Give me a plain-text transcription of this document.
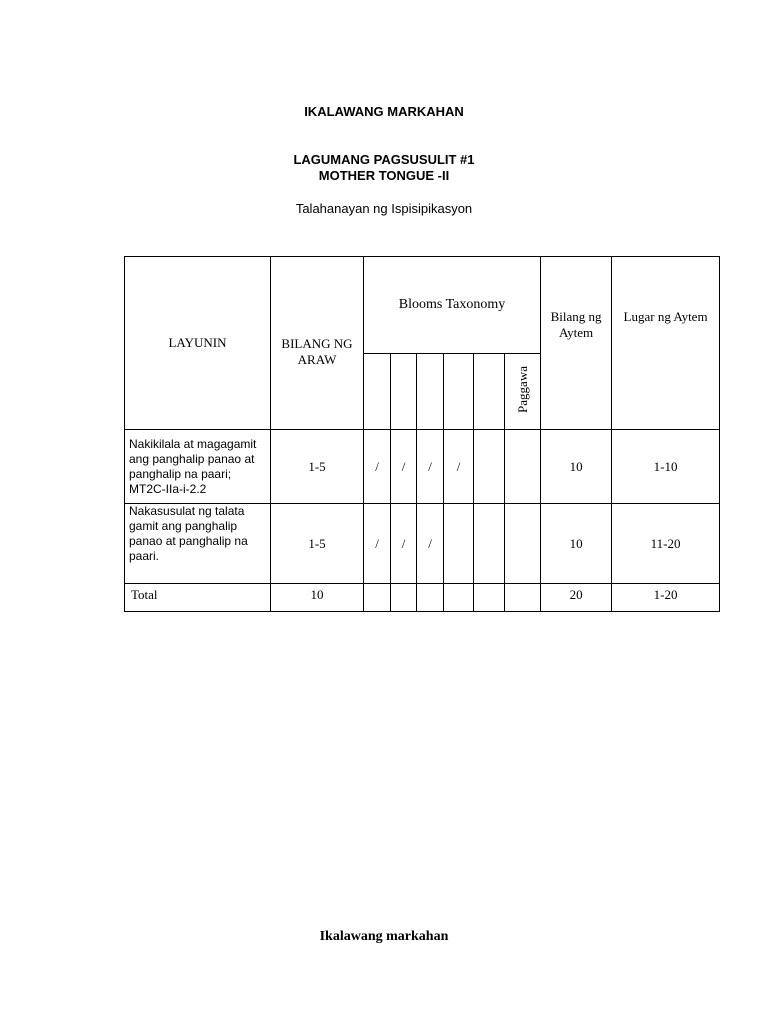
IKALAWANG MARKAHAN
LAGUMANG PAGSUSULIT #1
MOTHER TONGUE -II
Talahanayan ng Ispisipikasyon
LAYUNIN	BILANG NG ARAW	Blooms Taxonomy						Bilang ng Aytem	Lugar ng Aytem

							Paggawa		
Nakikilala at magagamit ang panghalip panao at panghalip na paari; MT2C-IIa-i-2.2	1-5	/	/	/	/			10	1-10
Nakasusulat ng talata gamit ang panghalip panao at panghalip na paari.	1-5	/	/	/				10	11-20
Total	10							20	1-20
Ikalawang markahan
